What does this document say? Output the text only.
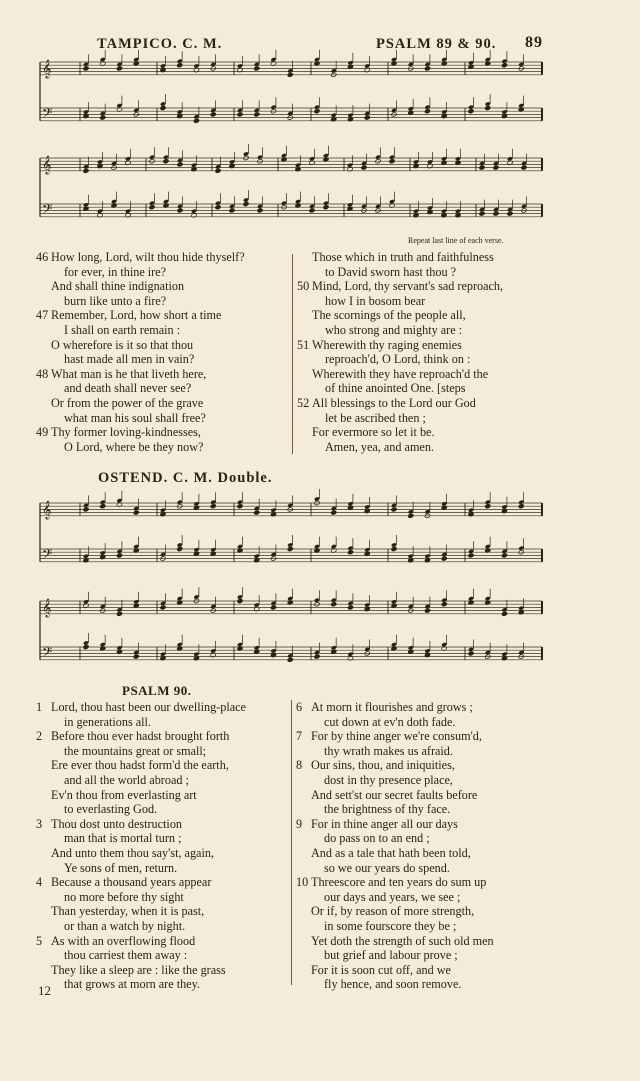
TAMPICO. C. M.	PSALM 89 & 90. 89
𝄞
𝄢
𝄞
𝄢
Repeat last line of each verse.
46 How long, Lord, wilt thou hide thyself?
for ever, in thine ire?
And shall thine indignation
burn like unto a fire?
47 Remember, Lord, how short a time
I shall on earth remain :
O wherefore is it so that thou
hast made all men in vain?
48 What man is he that liveth here,
and death shall never see?
Or from the power of the grave
what man his soul shall free?
49 Thy former loving-kindnesses,
O Lord, where be they now?
Those which in truth and faithfulness
to David sworn hast thou ?
50 Mind, Lord, thy servant's sad reproach,
how I in bosom bear
The scornings of the people all,
who strong and mighty are :
51 Wherewith thy raging enemies
reproach'd, O Lord, think on :
Wherewith they have reproach'd the
of thine anointed One. [steps
52 All blessings to the Lord our God
let be ascribed then ;
For evermore so let it be.
Amen, yea, and amen.
OSTEND. C. M. Double.
𝄞
𝄢
𝄞
𝄢
PSALM 90.
1 Lord, thou hast been our dwelling-place
in generations all.
2 Before thou ever hadst brought forth
the mountains great or small;
Ere ever thou hadst form'd the earth,
and all the world abroad ;
Ev'n thou from everlasting art
to everlasting God.
3 Thou dost unto destruction
man that is mortal turn ;
And unto them thou say'st, again,
Ye sons of men, return.
4 Because a thousand years appear
no more before thy sight
Than yesterday, when it is past,
or than a watch by night.
5 As with an overflowing flood
thou carriest them away :
They like a sleep are : like the grass
that grows at morn are they.
6 At morn it flourishes and grows ;
cut down at ev'n doth fade.
7 For by thine anger we're consum'd,
thy wrath makes us afraid.
8 Our sins, thou, and iniquities,
dost in thy presence place,
And sett'st our secret faults before
the brightness of thy face.
9 For in thine anger all our days
do pass on to an end ;
And as a tale that hath been told,
so we our years do spend.
10 Threescore and ten years do sum up
our days and years, we see ;
Or if, by reason of more strength,
in some fourscore they be ;
Yet doth the strength of such old men
but grief and labour prove ;
For it is soon cut off, and we
fly hence, and soon remove.
12
